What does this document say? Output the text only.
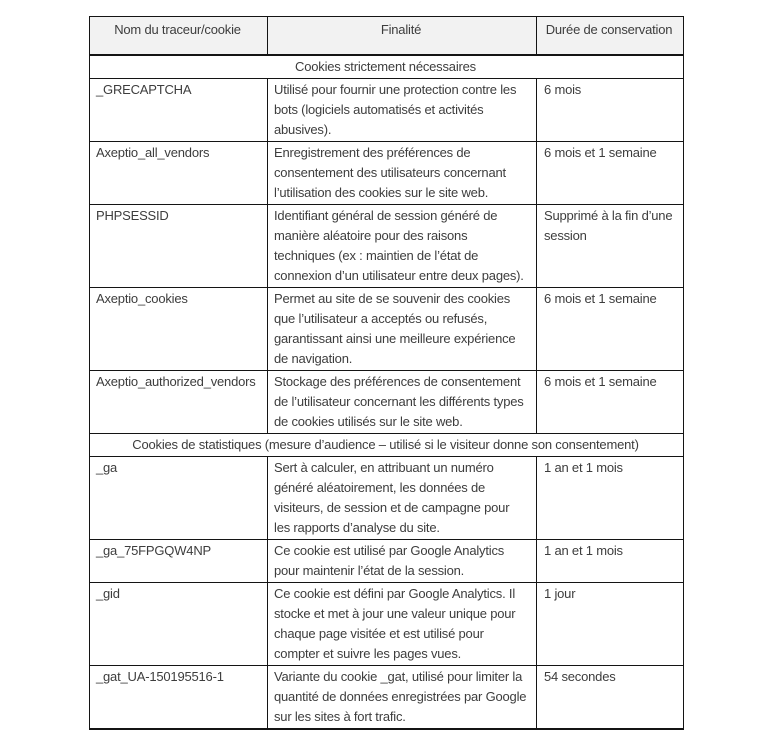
Nom du traceur/cookie	Finalité	Durée de conservation
Cookies strictement nécessaires		
_GRECAPTCHA	Utilisé pour fournir une protection contre les bots (logiciels automatisés et activités abusives).	6 mois
Axeptio_all_vendors	Enregistrement des préférences de consentement des utilisateurs concernant l’utilisation des cookies sur le site web.	6 mois et 1 semaine
PHPSESSID	Identifiant général de session généré de manière aléatoire pour des raisons techniques (ex : maintien de l’état de connexion d’un utilisateur entre deux pages).	Supprimé à la fin d’une session
Axeptio_cookies	Permet au site de se souvenir des cookies que l’utilisateur a acceptés ou refusés, garantissant ainsi une meilleure expérience de navigation.	6 mois et 1 semaine
Axeptio_authorized_vendors	Stockage des préférences de consentement de l’utilisateur concernant les différents types de cookies utilisés sur le site web.	6 mois et 1 semaine
Cookies de statistiques (mesure d’audience – utilisé si le visiteur donne son consentement)		
_ga	Sert à calculer, en attribuant un numéro généré aléatoirement, les données de visiteurs, de session et de campagne pour les rapports d’analyse du site.	1 an et 1 mois
_ga_75FPGQW4NP	Ce cookie est utilisé par Google Analytics pour maintenir l’état de la session.	1 an et 1 mois
_gid	Ce cookie est défini par Google Analytics. Il stocke et met à jour une valeur unique pour chaque page visitée et est utilisé pour compter et suivre les pages vues.	1 jour
_gat_UA-150195516-1	Variante du cookie _gat, utilisé pour limiter la quantité de données enregistrées par Google sur les sites à fort trafic.	54 secondes
